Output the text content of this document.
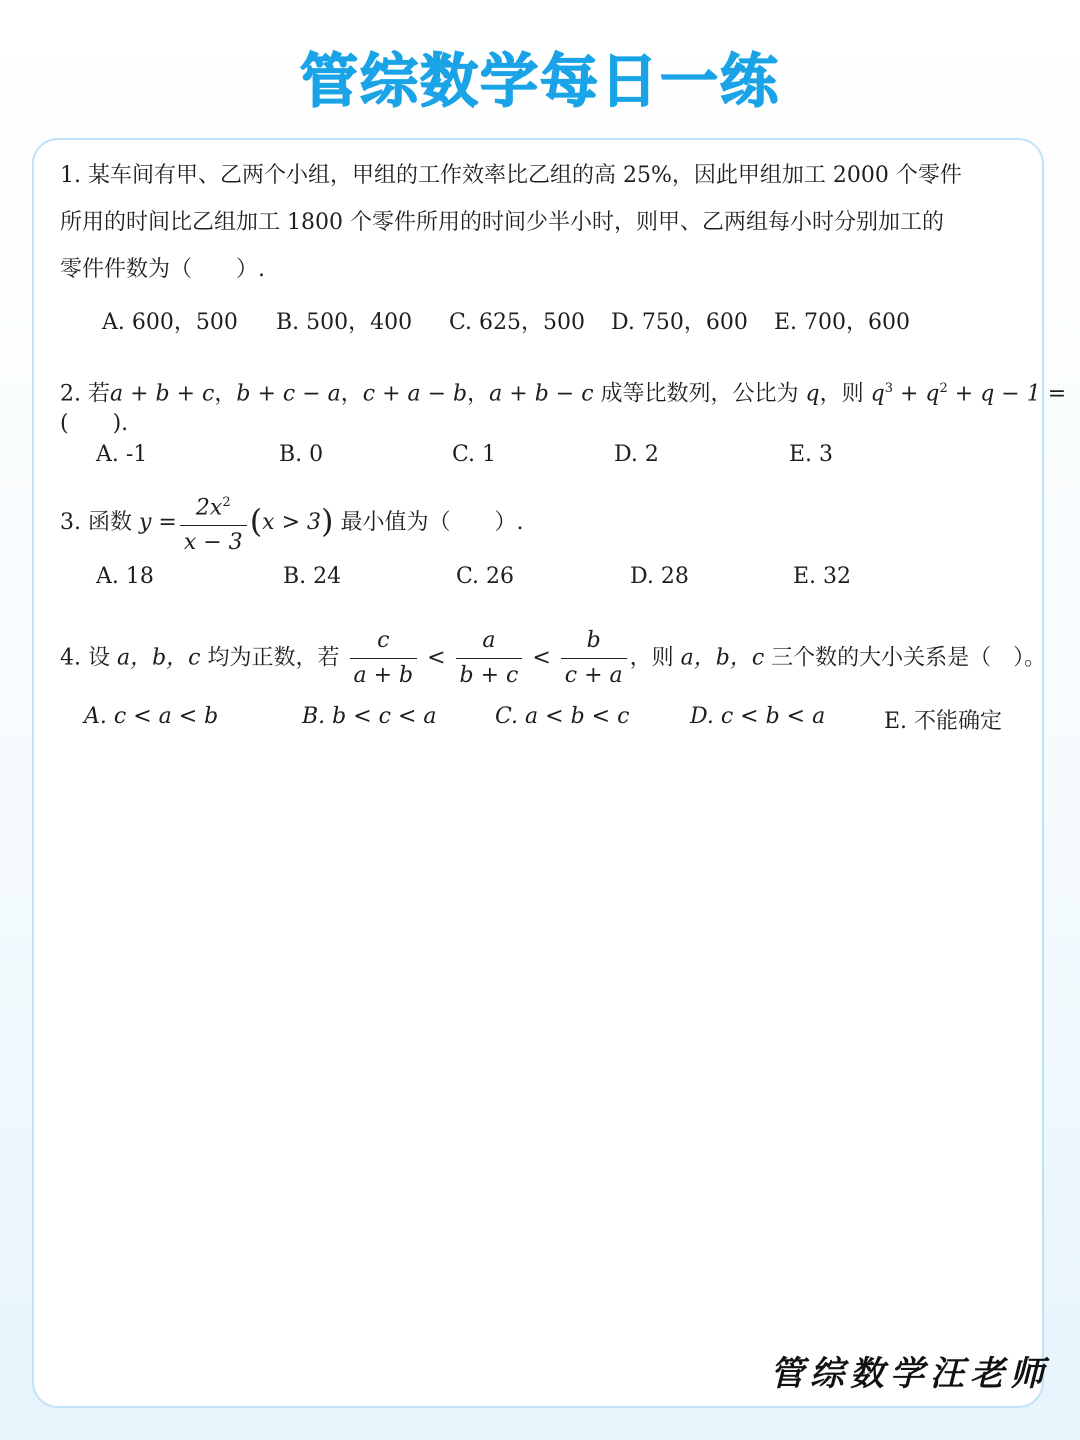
管综数学每日一练
1. 某车间有甲、乙两个小组，甲组的工作效率比乙组的高 25%，因此甲组加工 2000 个零件
所用的时间比乙组加工 1800 个零件所用的时间少半小时，则甲、乙两组每小时分别加工的
零件件数为（　　）.
A. 600，500 B. 500，400 C. 625，500 D. 750，600 E. 700，600
2. 若a + b + c，b + c − a，c + a − b，a + b − c 成等比数列，公比为 q，则 $q^3 + q^2 + q - 1$ =
(　　).
A. -1	B. 0	C. 1	D. 2	E. 3
3. 函数 $y = \frac{2x^2}{x - 3} (x > 3)$ 最小值为（　　）.
A. 18	B. 24	C. 26	D. 28	E. 32
4. 设 a，b，c 均为正数，若 $\frac{c}{a + b} < \frac{a}{b + c} < \frac{b}{c + a}$ ，则 a，b，c 三个数的大小关系是（　）。
A. c < a < b	B. b < c < a	C. a < b < c	D. c < b < a	E. 不能确定
管综数学汪老师
